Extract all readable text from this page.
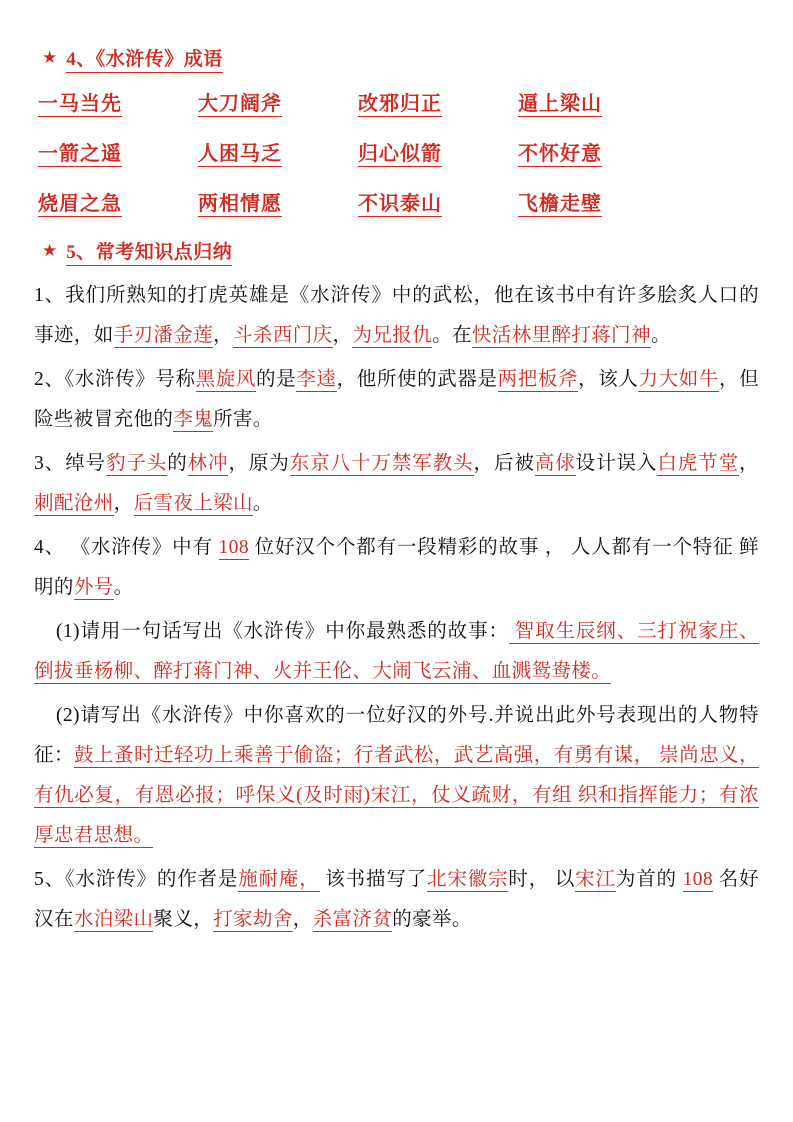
★ 4、《水浒传》成语
一马当先	大刀阔斧	改邪归正	逼上梁山
一箭之遥	人困马乏	归心似箭	不怀好意
烧眉之急	两相情愿	不识泰山	飞檐走壁
★ 5、常考知识点归纳

1、我们所熟知的打虎英雄是《水浒传》中的武松，他在该书中有许多脍炙人口的事迹，如手刃潘金莲，斗杀西门庆，为兄报仇。在快活林里醉打蒋门神。

2、《水浒传》号称黑旋风的是李逵，他所使的武器是两把板斧，该人力大如牛，但险些被冒充他的李鬼所害。

3、绰号豹子头的林冲，原为东京八十万禁军教头，后被高俅设计误入白虎节堂，刺配沧州，后雪夜上梁山。

4、 《水浒传》中有 108 位好汉个个都有一段精彩的故事 ， 人人都有一个特征 鲜明的外号。

(1)请用一句话写出《水浒传》中你最熟悉的故事： 智取生辰纲、三打祝家庄、倒拔垂杨柳、醉打蒋门神、火并王伦、大闹飞云浦、血溅鸳鸯楼。

(2)请写出《水浒传》中你喜欢的一位好汉的外号.并说出此外号表现出的人物特征：鼓上蚤时迁轻功上乘善于偷盗；行者武松，武艺高强，有勇有谋， 崇尚忠义，有仇必复，有恩必报；呼保义(及时雨)宋江，仗义疏财，有组 织和指挥能力；有浓厚忠君思想。

5、《水浒传》的作者是施耐庵， 该书描写了北宋徽宗时， 以宋江为首的 108 名好汉在水泊梁山聚义，打家劫舍，杀富济贫的豪举。
